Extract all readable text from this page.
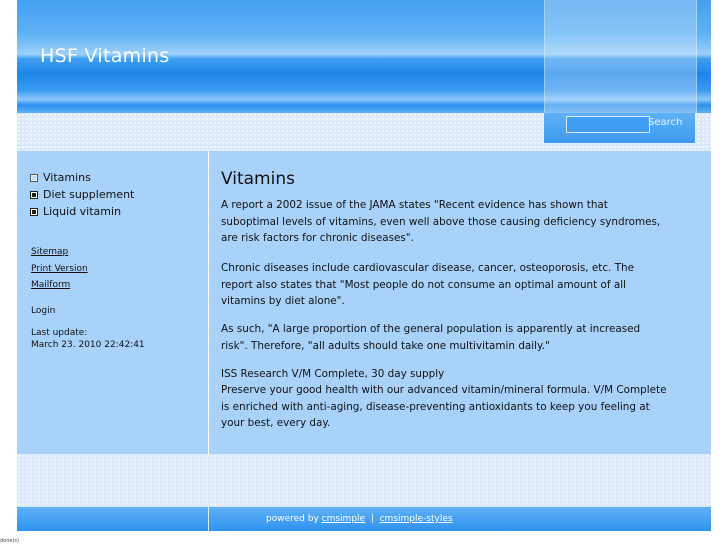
HSF Vitamins
Search
Vitamins
Diet supplement
Liquid vitamin
Sitemap
Print Version
Mailform
Login
Last update:
March 23. 2010 22:42:41
Vitamins

A report a 2002 issue of the JAMA states "Recent evidence has shown that suboptimal levels of vitamins, even well above those causing deficiency syndromes, are risk factors for chronic diseases".

Chronic diseases include cardiovascular disease, cancer, osteoporosis, etc. The report also states that "Most people do not consume an optimal amount of all vitamins by diet alone".

As such, "A large proportion of the general population is apparently at increased risk". Therefore, "all adults should take one multivitamin daily."

ISS Research V/M Complete, 30 day supply

Preserve your good health with our advanced vitamin/mineral formula. V/M Complete is enriched with anti-aging, disease-preventing antioxidants to keep you feeling at your best, every day.

powered by cmsimple | cmsimple-styles
done(s)
